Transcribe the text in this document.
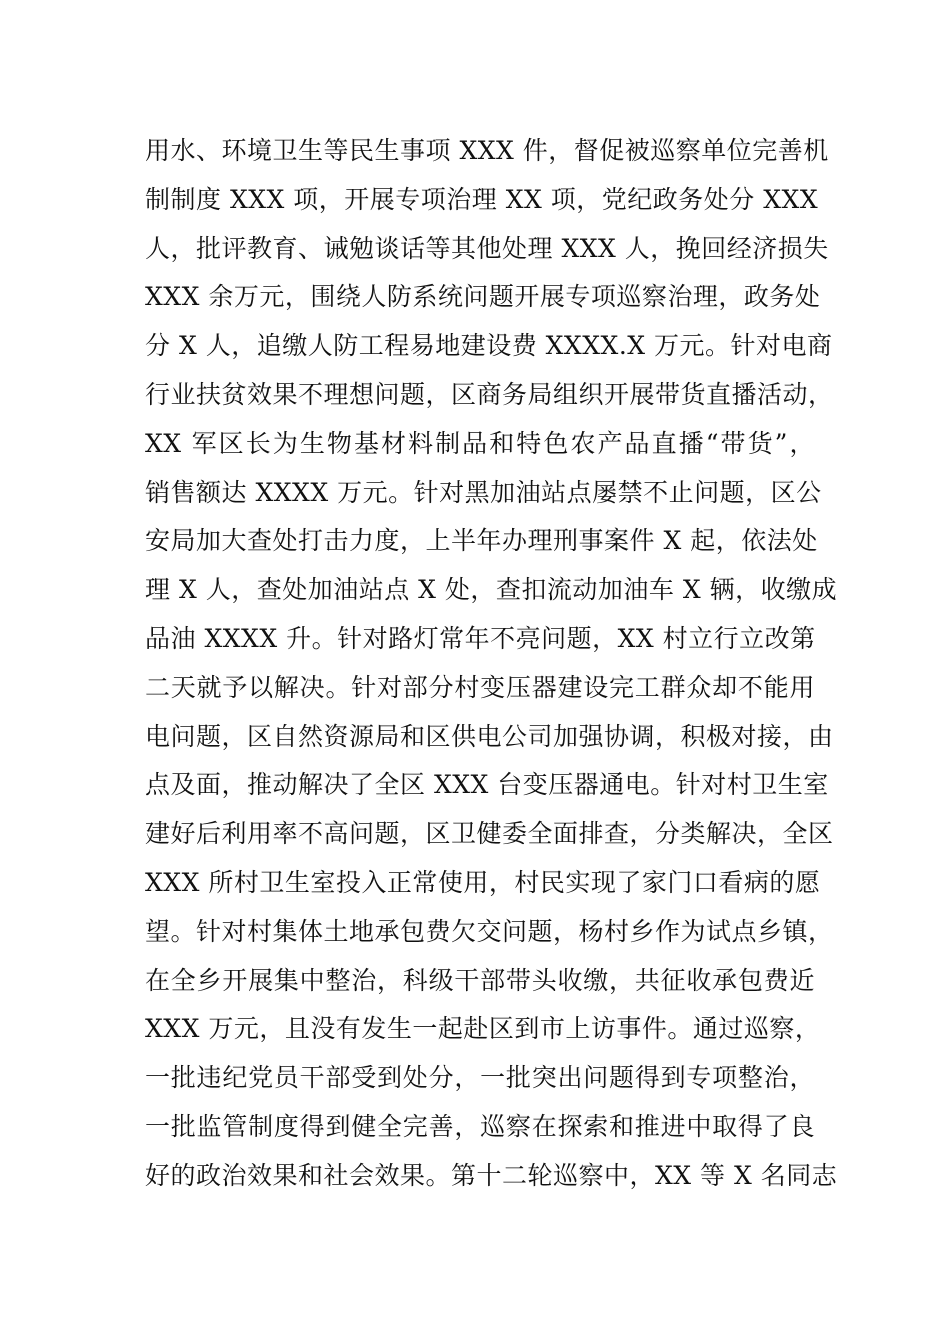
用水、环境卫生等民生事项 XXX 件，督促被巡察单位完善机
制制度 XXX 项，开展专项治理 XX 项，党纪政务处分 XXX
人，批评教育、诫勉谈话等其他处理 XXX 人，挽回经济损失
XXX 余万元，围绕人防系统问题开展专项巡察治理，政务处
分 X 人，追缴人防工程易地建设费 XXXX.X 万元。针对电商
行业扶贫效果不理想问题，区商务局组织开展带货直播活动，
XX 军区长为生物基材料制品和特色农产品直播“带货”，
销售额达 XXXX 万元。针对黑加油站点屡禁不止问题，区公
安局加大查处打击力度，上半年办理刑事案件 X 起，依法处
理 X 人，查处加油站点 X 处，查扣流动加油车 X 辆，收缴成
品油 XXXX 升。针对路灯常年不亮问题，XX 村立行立改第
二天就予以解决。针对部分村变压器建设完工群众却不能用
电问题，区自然资源局和区供电公司加强协调，积极对接，由
点及面，推动解决了全区 XXX 台变压器通电。针对村卫生室
建好后利用率不高问题，区卫健委全面排查，分类解决，全区
XXX 所村卫生室投入正常使用，村民实现了家门口看病的愿
望。针对村集体土地承包费欠交问题，杨村乡作为试点乡镇，
在全乡开展集中整治，科级干部带头收缴，共征收承包费近
XXX 万元，且没有发生一起赴区到市上访事件。通过巡察，
一批违纪党员干部受到处分，一批突出问题得到专项整治，
一批监管制度得到健全完善，巡察在探索和推进中取得了良
好的政治效果和社会效果。第十二轮巡察中，XX 等 X 名同志
